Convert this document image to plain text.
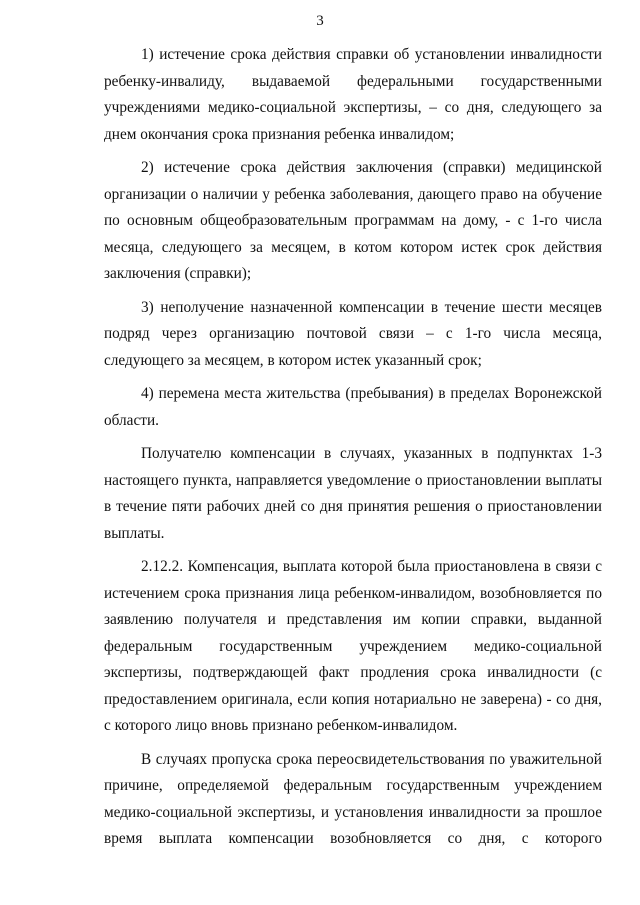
3

1) истечение срока действия справки об установлении инвалидности ребенку-инвалиду, выдаваемой федеральными государственными учреждениями медико-социальной экспертизы, – со дня, следующего за днем окончания срока признания ребенка инвалидом;

2) истечение срока действия заключения (справки) медицинской организации о наличии у ребенка заболевания, дающего право на обучение по основным общеобразовательным программам на дому, - с 1-го числа месяца, следующего за месяцем, в котом котором истек срок действия заключения (справки);

3) неполучение назначенной компенсации в течение шести месяцев подряд через организацию почтовой связи – с 1-го числа месяца, следующего за месяцем, в котором истек указанный срок;

4) перемена места жительства (пребывания) в пределах Воронежской области.

Получателю компенсации в случаях, указанных в подпунктах 1-3 настоящего пункта, направляется уведомление о приостановлении выплаты в течение пяти рабочих дней со дня принятия решения о приостановлении выплаты.

2.12.2. Компенсация, выплата которой была приостановлена в связи с истечением срока признания лица ребенком-инвалидом, возобновляется по заявлению получателя и представления им копии справки, выданной федеральным государственным учреждением медико-социальной экспертизы, подтверждающей факт продления срока инвалидности (с предоставлением оригинала, если копия нотариально не заверена) - со дня, с которого лицо вновь признано ребенком-инвалидом.

В случаях пропуска срока переосвидетельствования по уважительной причине, определяемой федеральным государственным учреждением медико-социальной экспертизы, и установления инвалидности за прошлое время выплата компенсации возобновляется со дня, с которого
